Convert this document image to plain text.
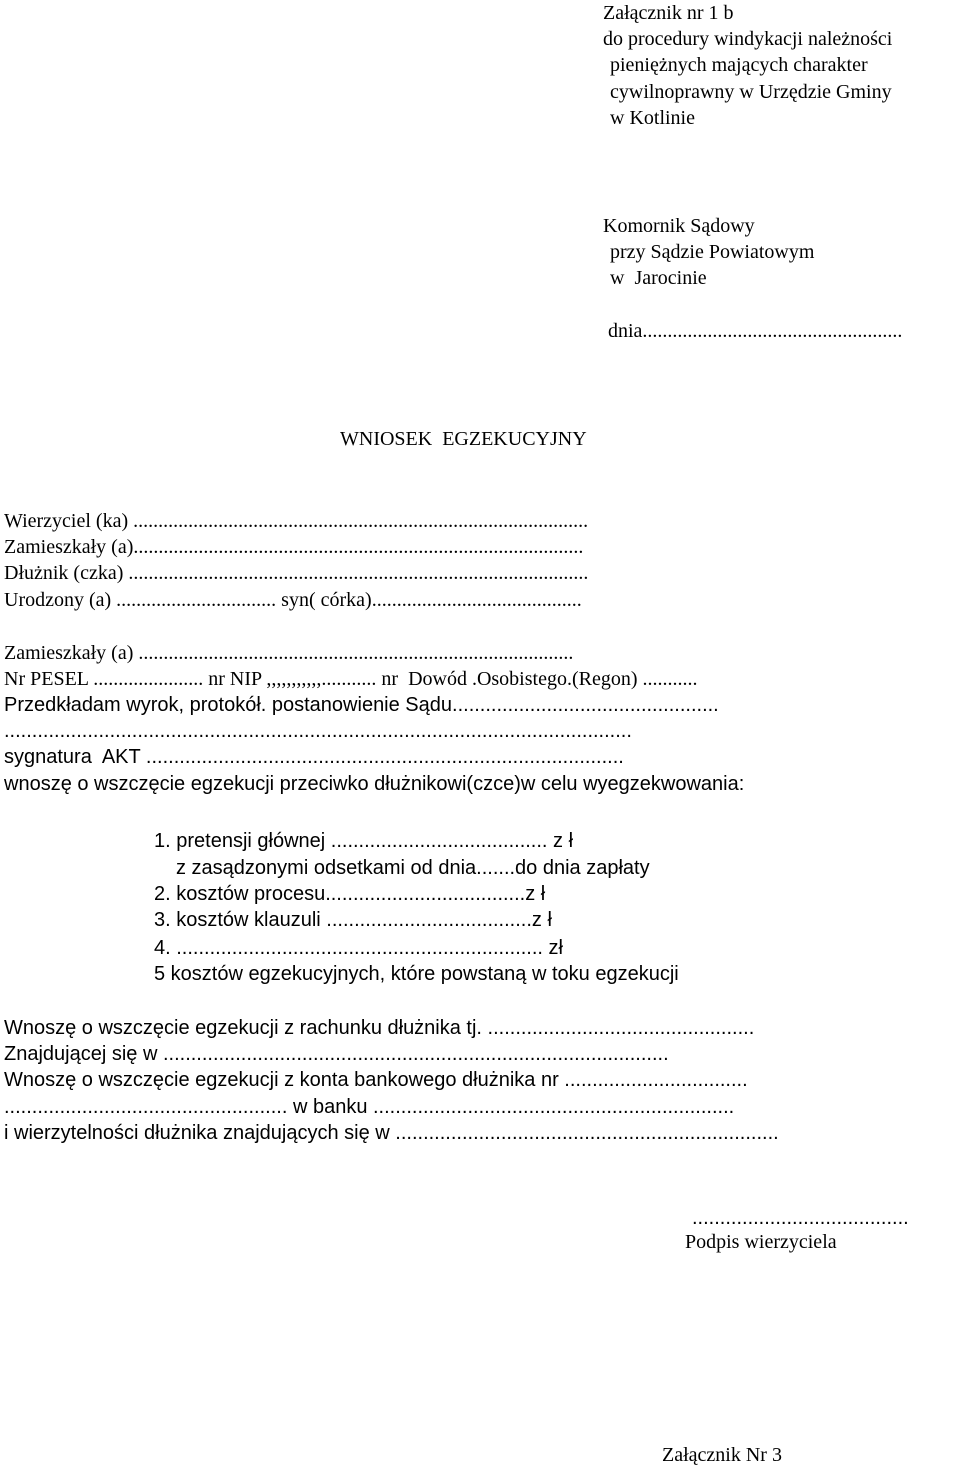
Załącznik nr 1 b
do procedury windykacji należności
pieniężnych mających charakter
cywilnoprawny w Urzędzie Gminy
w Kotlinie
Komornik Sądowy
przy Sądzie Powiatowym
w  Jarocinie
dnia....................................................
WNIOSEK  EGZEKUCYJNY
Wierzyciel (ka) ...........................................................................................
Zamieszkały (a)..........................................................................................
Dłużnik (czka) ............................................................................................
Urodzony (a) ................................ syn( córka)..........................................
Zamieszkały (a) .......................................................................................
Nr PESEL ...................... nr NIP ,,,,,,,,,,,........... nr  Dowód .Osobistego.(Regon) ...........
Przedkładam wyrok, protokół. postanowienie Sądu................................................
.................................................................................................................
sygnatura  AKT ......................................................................................
wnoszę o wszczęcie egzekucji przeciwko dłużnikowi(czce)w celu wyegzekwowania:
1. pretensji głównej ....................................... z ł
z zasądzonymi odsetkami od dnia.......do dnia zapłaty
2. kosztów procesu....................................z ł
3. kosztów klauzuli .....................................z ł
4. .................................................................. zł
5 kosztów egzekucyjnych, które powstaną w toku egzekucji
Wnoszę o wszczęcie egzekucji z rachunku dłużnika tj. ................................................
Znajdującej się w ...........................................................................................
Wnoszę o wszczęcie egzekucji z konta bankowego dłużnika nr .................................
................................................... w banku .................................................................
i wierzytelności dłużnika znajdujących się w .....................................................................
.......................................
Podpis wierzyciela
Załącznik Nr 3
